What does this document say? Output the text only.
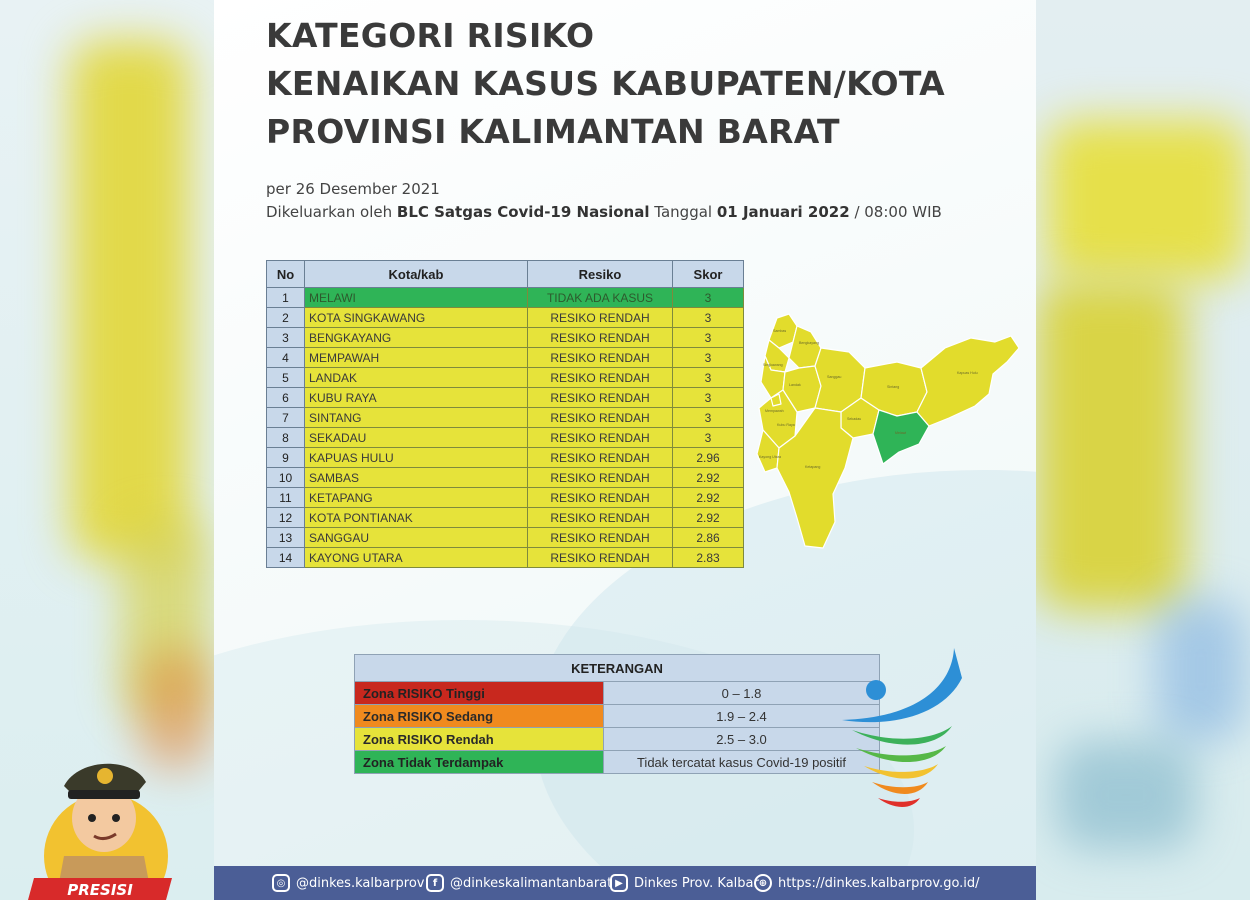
KATEGORI RISIKO
KENAIKAN KASUS KABUPATEN/KOTA
PROVINSI KALIMANTAN BARAT
per 26 Desember 2021
Dikeluarkan oleh BLC Satgas Covid-19 Nasional Tanggal 01 Januari 2022 / 08:00 WIB
No	Kota/kab	Resiko	Skor
1	MELAWI	TIDAK ADA KASUS	3
2	KOTA SINGKAWANG	RESIKO RENDAH	3
3	BENGKAYANG	RESIKO RENDAH	3
4	MEMPAWAH	RESIKO RENDAH	3
5	LANDAK	RESIKO RENDAH	3
6	KUBU RAYA	RESIKO RENDAH	3
7	SINTANG	RESIKO RENDAH	3
8	SEKADAU	RESIKO RENDAH	3
9	KAPUAS HULU	RESIKO RENDAH	2.96
10	SAMBAS	RESIKO RENDAH	2.92
11	KETAPANG	RESIKO RENDAH	2.92
12	KOTA PONTIANAK	RESIKO RENDAH	2.92
13	SANGGAU	RESIKO RENDAH	2.86
14	KAYONG UTARA	RESIKO RENDAH	2.83
Sambas
Bengkayang
Singkawang
Landak
Mempawah
Sanggau
Kubu Raya
Sekadau
Kayong Utara
Ketapang
Sintang
Melawi
Kapuas Hulu
KETERANGAN	
Zona RISIKO Tinggi	0 – 1.8
Zona RISIKO Sedang	1.9 – 2.4
Zona RISIKO Rendah	2.5 – 3.0
Zona Tidak Terdampak	Tidak tercatat kasus Covid-19 positif
◎ @dinkes.kalbarprov f @dinkeskalimantanbarat ▶ Dinkes Prov. Kalbar ⊕ https://dinkes.kalbarprov.go.id/
PRESISI
